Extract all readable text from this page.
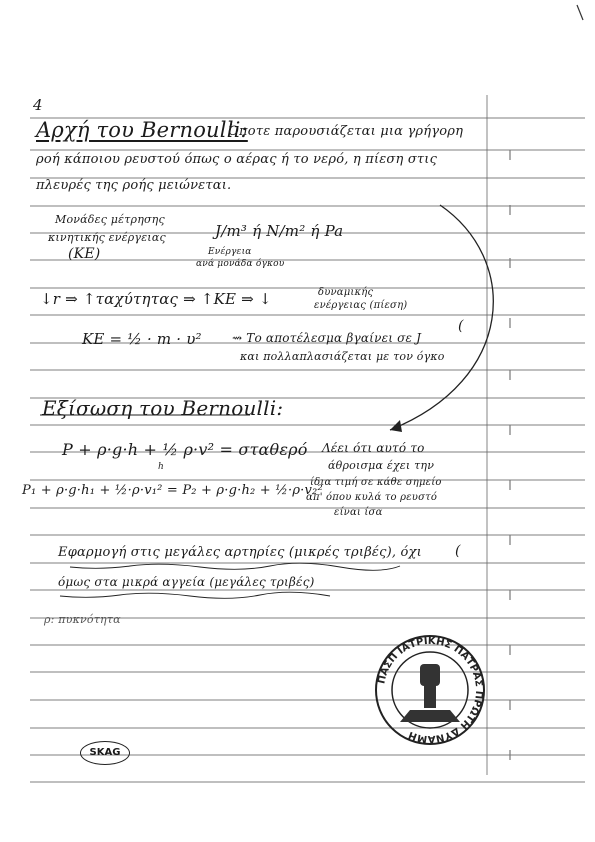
4
Αρχή του Bernoulli:
Όποτε παρουσιάζεται μια γρήγορη
ροή κάποιου ρευστού όπως ο αέρας ή το νερό, η πίεση στις
πλευρές της ροής μειώνεται.
Μονάδες μέτρησης
κινητικής ενέργειας
(KE)
J/m³ ή N/m² ή Pa
Ενέργεια
ανά μονάδα όγκου
↓r ⇒ ↑ταχύτητας ⇒ ↑KE ⇒ ↓	δυναμικής
ενέργειας (πίεση)
KE = ½ · m · υ²	⇝ Το αποτέλεσμα βγαίνει σε J
και πολλαπλασιάζεται με τον όγκο
Εξίσωση του Bernoulli:
P + ρ·g·h + ½ ρ·v² = σταθερό
h
P₁ + ρ·g·h₁ + ½·ρ·v₁² = P₂ + ρ·g·h₂ + ½·ρ·v₂²
Λέει ότι αυτό το
άθροισμα έχει την
ίδια τιμή σε κάθε σημείο
απ' όπου κυλά το ρευστό
είναι ίσα
Εφαρμογή στις μεγάλες αρτηρίες (μικρές τριβές), όχι
όμως στα μικρά αγγεία (μεγάλες τριβές)
ρ: πυκνότητα
ΠΑΣΠ ΙΑΤΡΙΚΗΣ ΠΑΤΡΑΣ ΠΡΩΤΗ ΔΥΝΑΜΗ
SKAG
(
(
